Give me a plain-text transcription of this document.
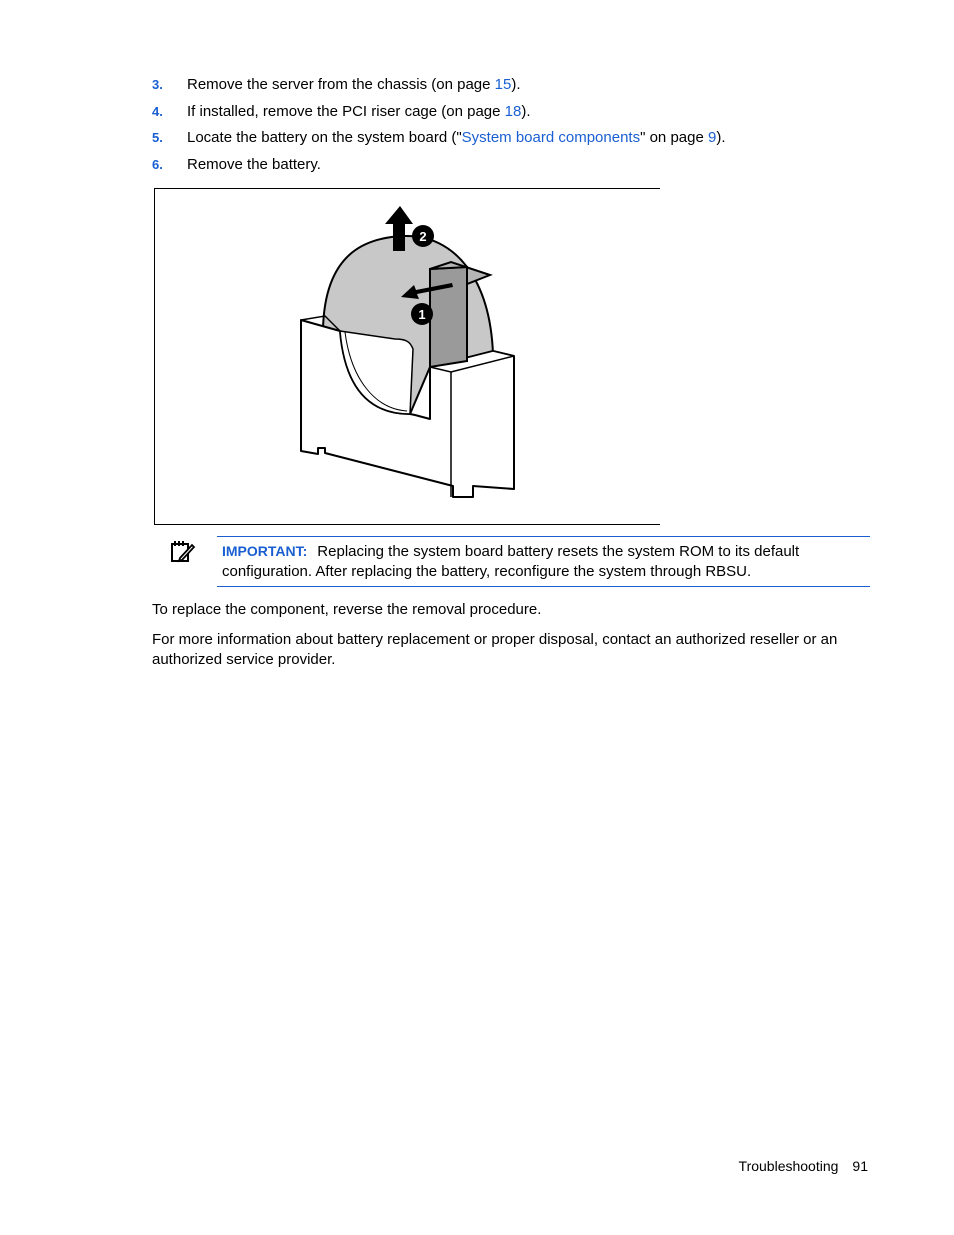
3. Remove the server from the chassis (on page 15).
4. If installed, remove the PCI riser cage (on page 18).
5. Locate the battery on the system board ("System board components" on page 9).
6. Remove the battery.
2
1
IMPORTANT: Replacing the system board battery resets the system ROM to its default configuration. After replacing the battery, reconfigure the system through RBSU.
To replace the component, reverse the removal procedure.
For more information about battery replacement or proper disposal, contact an authorized reseller or an authorized service provider.
Troubleshooting 91
